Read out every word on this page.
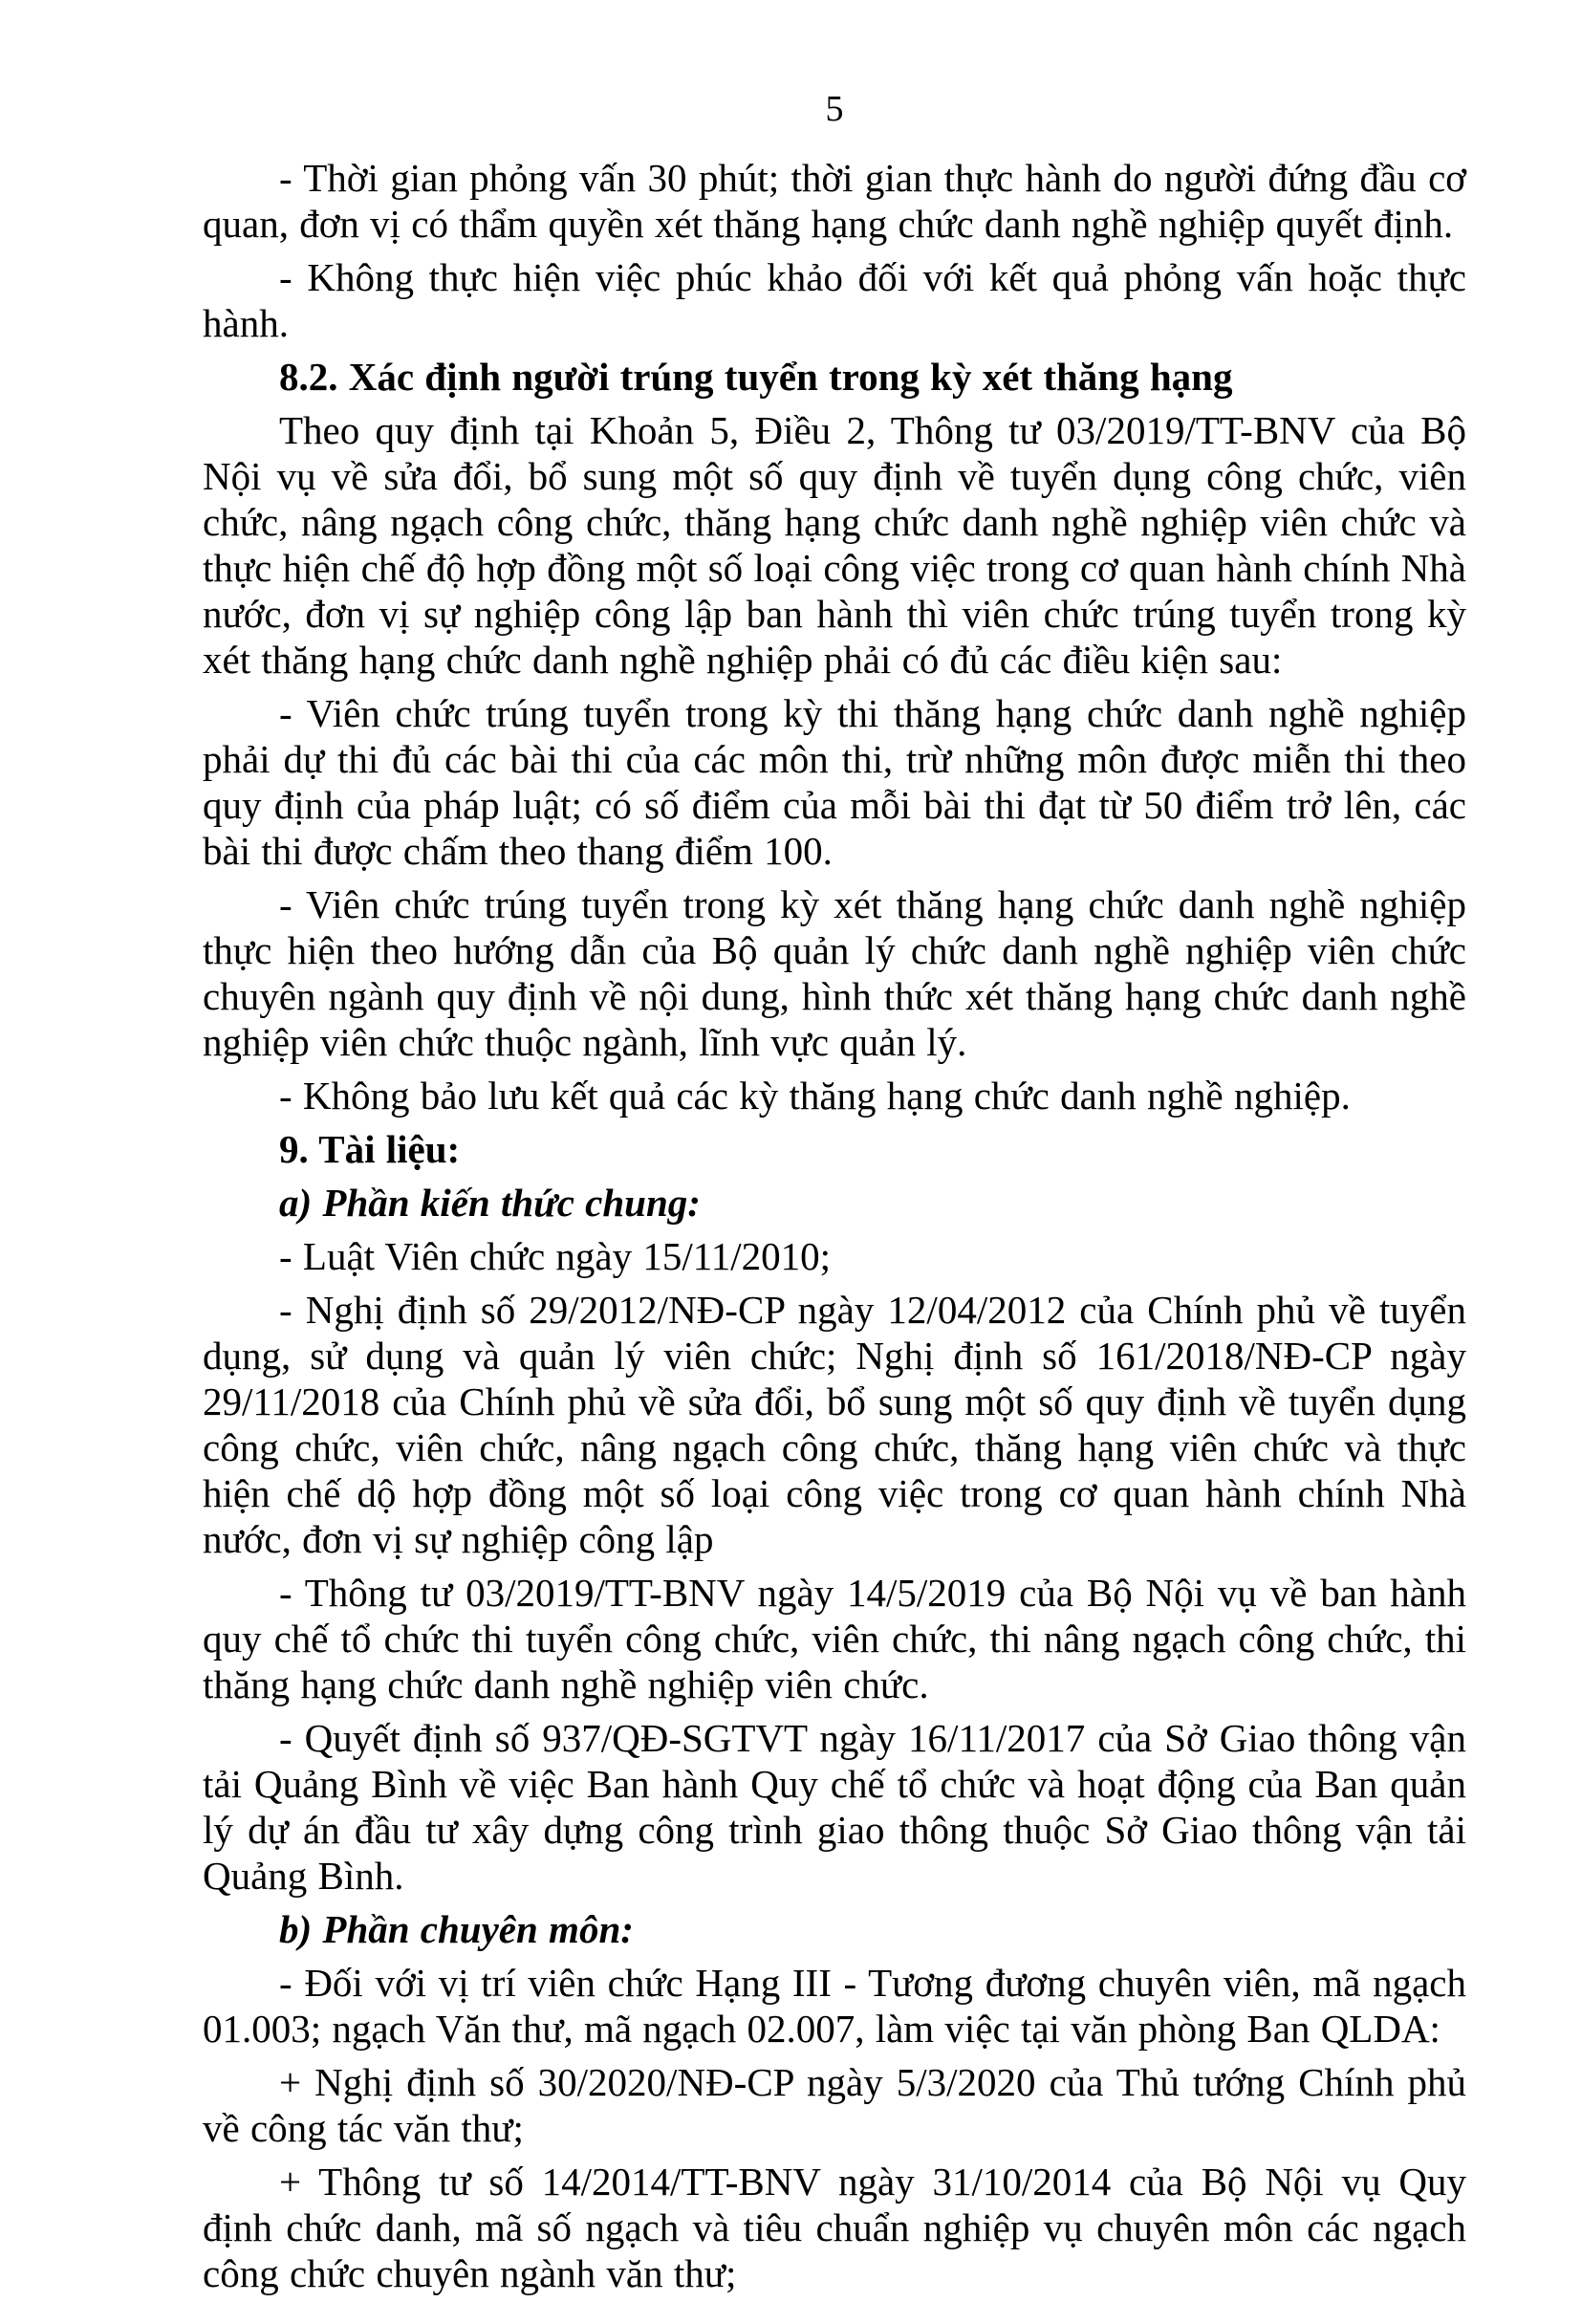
5

- Thời gian phỏng vấn 30 phút; thời gian thực hành do người đứng đầu cơ quan, đơn vị có thẩm quyền xét thăng hạng chức danh nghề nghiệp quyết định.

- Không thực hiện việc phúc khảo đối với kết quả phỏng vấn hoặc thực hành.

8.2. Xác định người trúng tuyển trong kỳ xét thăng hạng

Theo quy định tại Khoản 5, Điều 2, Thông tư 03/2019/TT-BNV của Bộ Nội vụ về sửa đổi, bổ sung một số quy định về tuyển dụng công chức, viên chức, nâng ngạch công chức, thăng hạng chức danh nghề nghiệp viên chức và thực hiện chế độ hợp đồng một số loại công việc trong cơ quan hành chính Nhà nước, đơn vị sự nghiệp công lập ban hành thì viên chức trúng tuyển trong kỳ xét thăng hạng chức danh nghề nghiệp phải có đủ các điều kiện sau:

- Viên chức trúng tuyển trong kỳ thi thăng hạng chức danh nghề nghiệp phải dự thi đủ các bài thi của các môn thi, trừ những môn được miễn thi theo quy định của pháp luật; có số điểm của mỗi bài thi đạt từ 50 điểm trở lên, các bài thi được chấm theo thang điểm 100.

- Viên chức trúng tuyển trong kỳ xét thăng hạng chức danh nghề nghiệp thực hiện theo hướng dẫn của Bộ quản lý chức danh nghề nghiệp viên chức chuyên ngành quy định về nội dung, hình thức xét thăng hạng chức danh nghề nghiệp viên chức thuộc ngành, lĩnh vực quản lý.

- Không bảo lưu kết quả các kỳ thăng hạng chức danh nghề nghiệp.

9. Tài liệu:

a) Phần kiến thức chung:

- Luật Viên chức ngày 15/11/2010;

- Nghị định số 29/2012/NĐ-CP ngày 12/04/2012 của Chính phủ về tuyển dụng, sử dụng và quản lý viên chức; Nghị định số 161/2018/NĐ-CP ngày 29/11/2018 của Chính phủ về sửa đổi, bổ sung một số quy định về tuyển dụng công chức, viên chức, nâng ngạch công chức, thăng hạng viên chức và thực hiện chế dộ hợp đồng một số loại công việc trong cơ quan hành chính Nhà nước, đơn vị sự nghiệp công lập

- Thông tư 03/2019/TT-BNV ngày 14/5/2019 của Bộ Nội vụ về ban hành quy chế tổ chức thi tuyển công chức, viên chức, thi nâng ngạch công chức, thi thăng hạng chức danh nghề nghiệp viên chức.

- Quyết định số 937/QĐ-SGTVT ngày 16/11/2017 của Sở Giao thông vận tải Quảng Bình về việc Ban hành Quy chế tổ chức và hoạt động của Ban quản lý dự án đầu tư xây dựng công trình giao thông thuộc Sở Giao thông vận tải Quảng Bình.

b) Phần chuyên môn:

- Đối với vị trí viên chức Hạng III - Tương đương chuyên viên, mã ngạch 01.003; ngạch Văn thư, mã ngạch 02.007, làm việc tại văn phòng Ban QLDA:

+ Nghị định số 30/2020/NĐ-CP ngày 5/3/2020 của Thủ tướng Chính phủ về công tác văn thư;

+ Thông tư số 14/2014/TT-BNV ngày 31/10/2014 của Bộ Nội vụ Quy định chức danh, mã số ngạch và tiêu chuẩn nghiệp vụ chuyên môn các ngạch công chức chuyên ngành văn thư;
